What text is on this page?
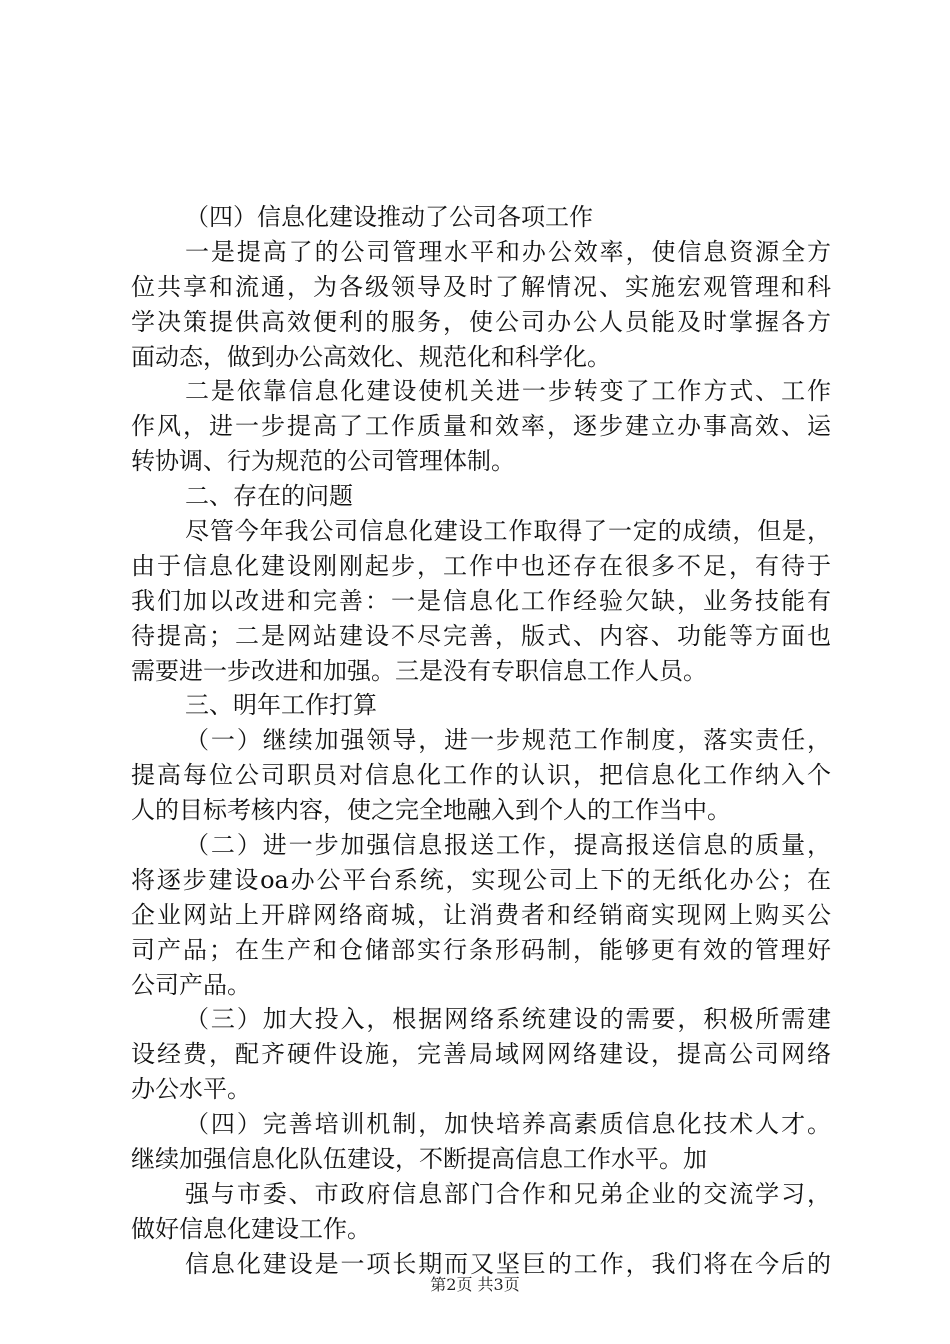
（四）信息化建设推动了公司各项工作
一是提高了的公司管理水平和办公效率，使信息资源全方
位共享和流通，为各级领导及时了解情况、实施宏观管理和科
学决策提供高效便利的服务，使公司办公人员能及时掌握各方
面动态，做到办公高效化、规范化和科学化。
二是依靠信息化建设使机关进一步转变了工作方式、工作
作风，进一步提高了工作质量和效率，逐步建立办事高效、运
转协调、行为规范的公司管理体制。
二、存在的问题
尽管今年我公司信息化建设工作取得了一定的成绩，但是，
由于信息化建设刚刚起步，工作中也还存在很多不足，有待于
我们加以改进和完善：一是信息化工作经验欠缺，业务技能有
待提高；二是网站建设不尽完善，版式、内容、功能等方面也
需要进一步改进和加强。三是没有专职信息工作人员。
三、明年工作打算
（一）继续加强领导，进一步规范工作制度，落实责任，
提高每位公司职员对信息化工作的认识，把信息化工作纳入个
人的目标考核内容，使之完全地融入到个人的工作当中。
（二）进一步加强信息报送工作，提高报送信息的质量，
将逐步建设oa办公平台系统，实现公司上下的无纸化办公；在
企业网站上开辟网络商城，让消费者和经销商实现网上购买公
司产品；在生产和仓储部实行条形码制，能够更有效的管理好
公司产品。
（三）加大投入，根据网络系统建设的需要，积极所需建
设经费，配齐硬件设施，完善局域网网络建设，提高公司网络
办公水平。
（四）完善培训机制，加快培养高素质信息化技术人才。
继续加强信息化队伍建设，不断提高信息工作水平。加
强与市委、市政府信息部门合作和兄弟企业的交流学习，
做好信息化建设工作。
信息化建设是一项长期而又坚巨的工作，我们将在今后的
第2页 共3页
